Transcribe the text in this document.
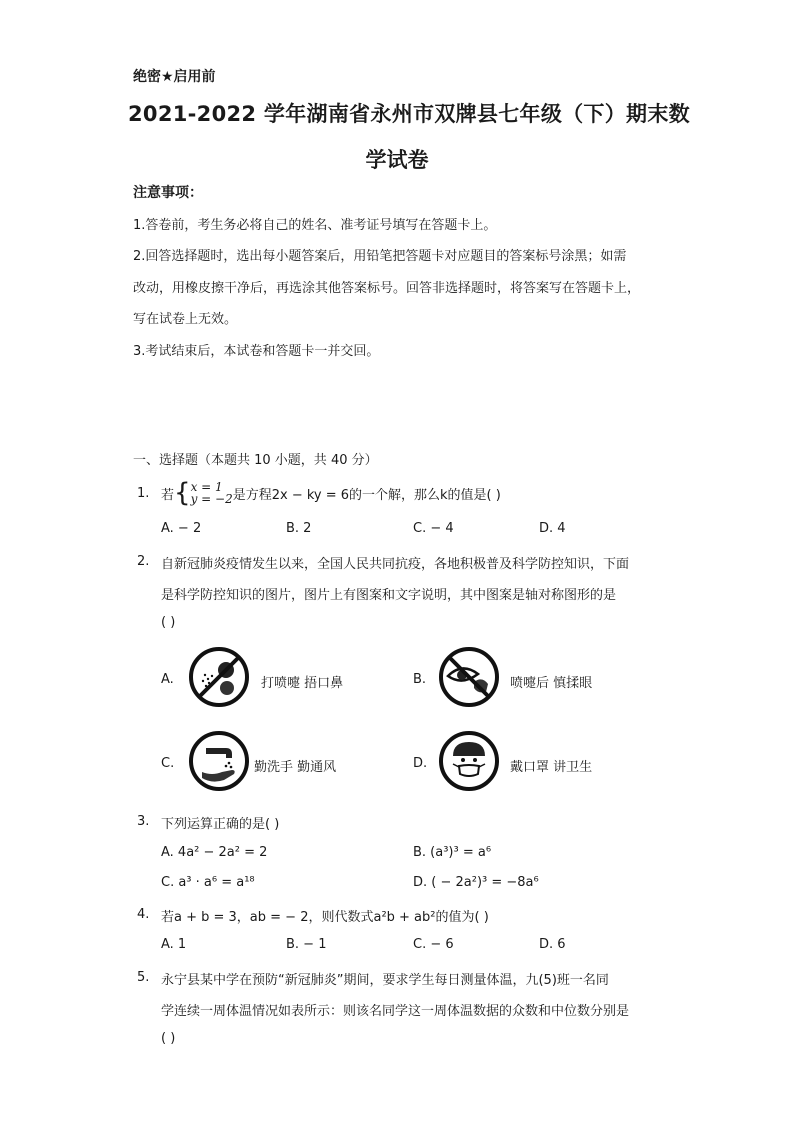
绝密★启用前
2021-2022 学年湖南省永州市双牌县七年级（下）期末数
学试卷
注意事项：
1.答卷前，考生务必将自己的姓名、准考证号填写在答题卡上。
2.回答选择题时，选出每小题答案后，用铅笔把答题卡对应题目的答案标号涂黑；如需
改动，用橡皮擦干净后，再选涂其他答案标号。回答非选择题时，将答案写在答题卡上，
写在试卷上无效。
3.考试结束后，本试卷和答题卡一并交回。
一、选择题（本题共 10 小题，共 40 分）
1. 若 { x = 1
y = −2 是方程2x − ky = 6的一个解，那么k的值是( )
A. − 2	B. 2	C. − 4	D. 4
2. 自新冠肺炎疫情发生以来，全国人民共同抗疫，各地积极普及科学防控知识，下面
是科学防控知识的图片，图片上有图案和文字说明，其中图案是轴对称图形的是
( )
A.	打喷嚏 捂口鼻	B.	喷嚏后 慎揉眼
C.	勤洗手 勤通风	D.	戴口罩 讲卫生
3. 下列运算正确的是( )
A. 4a² − 2a² = 2	B. (a³)³ = a⁶
C. a³ · a⁶ = a¹⁸	D. ( − 2a²)³ = −8a⁶
4. 若a + b = 3，ab = − 2，则代数式a²b + ab²的值为( )
A. 1	B. − 1	C. − 6	D. 6
5. 永宁县某中学在预防“新冠肺炎”期间，要求学生每日测量体温，九(5)班一名同
学连续一周体温情况如表所示：则该名同学这一周体温数据的众数和中位数分别是
( )
